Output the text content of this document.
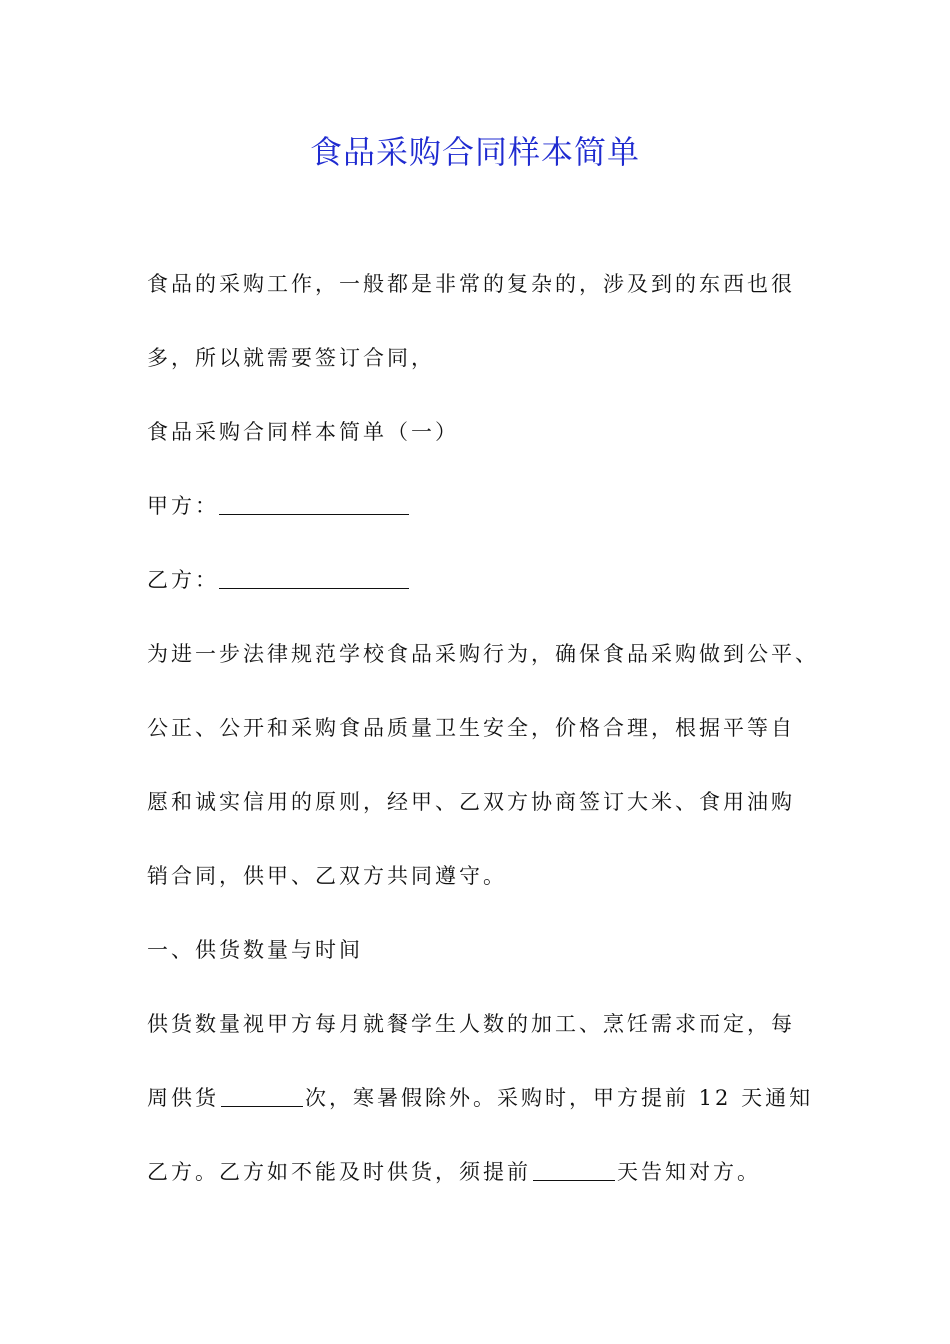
食品采购合同样本简单

食品的采购工作，一般都是非常的复杂的，涉及到的东西也很

多，所以就需要签订合同，

食品采购合同样本简单（一）

甲方：

乙方：

为进一步法律规范学校食品采购行为，确保食品采购做到公平、

公正、公开和采购食品质量卫生安全，价格合理，根据平等自

愿和诚实信用的原则，经甲、乙双方协商签订大米、食用油购

销合同，供甲、乙双方共同遵守。

一、供货数量与时间

供货数量视甲方每月就餐学生人数的加工、烹饪需求而定，每

周供货	次，寒暑假除外。采购时，甲方提前 12 天通知

乙方。乙方如不能及时供货，须提前	天告知对方。
